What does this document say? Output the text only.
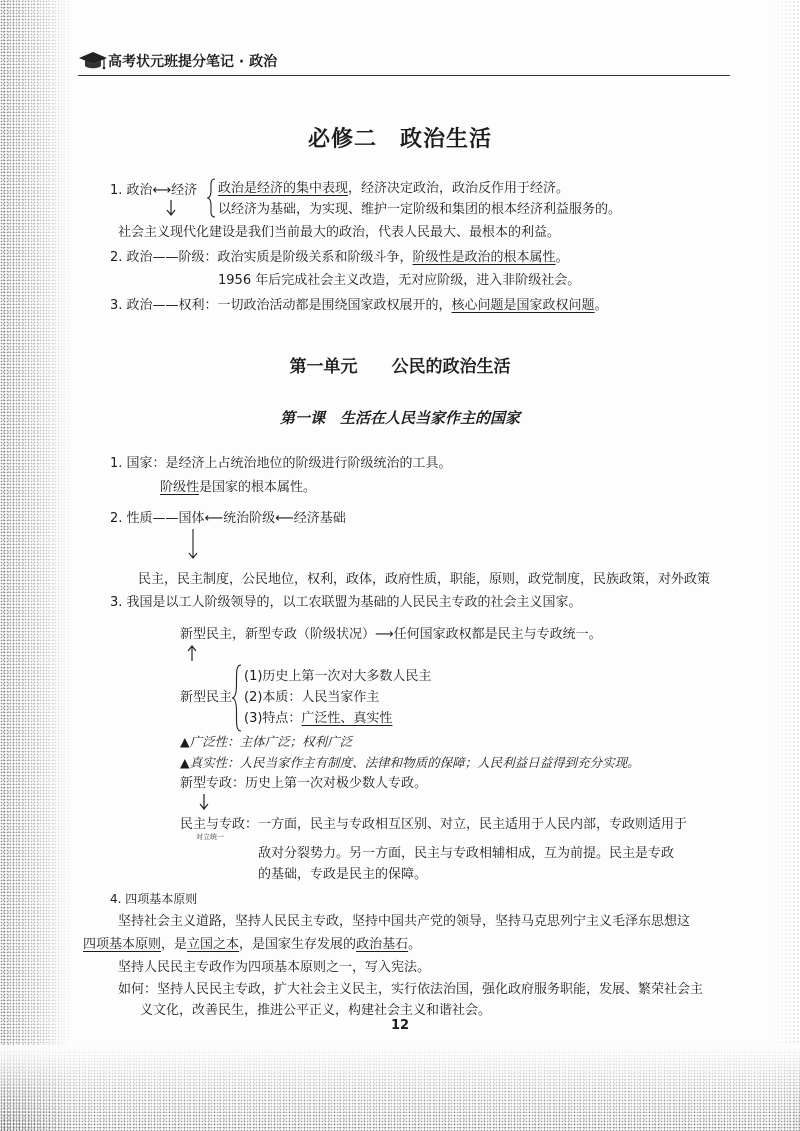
高考状元班提分笔记 · 政治
必修二　政治生活
1. 政治⟷经济 政治是经济的集中表现，经济决定政治，政治反作用于经济。
以经济为基础，为实现、维护一定阶级和集团的根本经济利益服务的。
社会主义现代化建设是我们当前最大的政治，代表人民最大、最根本的利益。
2. 政治——阶级：政治实质是阶级关系和阶级斗争，阶级性是政治的根本属性。
1956 年后完成社会主义改造，无对应阶级，进入非阶级社会。
3. 政治——权利：一切政治活动都是围绕国家政权展开的，核心问题是国家政权问题。
第一单元　　公民的政治生活
第一课　生活在人民当家作主的国家
1. 国家：是经济上占统治地位的阶级进行阶级统治的工具。
阶级性是国家的根本属性。
2. 性质——国体⟵统治阶级⟵经济基础
民主，民主制度，公民地位，权利，政体，政府性质，职能，原则，政党制度，民族政策，对外政策
3. 我国是以工人阶级领导的，以工农联盟为基础的人民民主专政的社会主义国家。
新型民主，新型专政（阶级状况）⟶任何国家政权都是民主与专政统一。
新型民主
(1)历史上第一次对大多数人民主
(2)本质：人民当家作主
(3)特点：广泛性、真实性
▲广泛性：主体广泛；权利广泛
▲真实性：人民当家作主有制度、法律和物质的保障；人民利益日益得到充分实现。
新型专政：历史上第一次对极少数人专政。
民主与专政：
对立统一
一方面，民主与专政相互区别、对立，民主适用于人民内部，专政则适用于
敌对分裂势力。另一方面，民主与专政相辅相成，互为前提。民主是专政
的基础，专政是民主的保障。
4. 四项基本原则
坚持社会主义道路，坚持人民民主专政，坚持中国共产党的领导，坚持马克思列宁主义毛泽东思想这
四项基本原则，是立国之本，是国家生存发展的政治基石。
坚持人民民主专政作为四项基本原则之一，写入宪法。
如何：坚持人民民主专政，扩大社会主义民主，实行依法治国，强化政府服务职能，发展、繁荣社会主
义文化，改善民生，推进公平正义，构建社会主义和谐社会。
12
